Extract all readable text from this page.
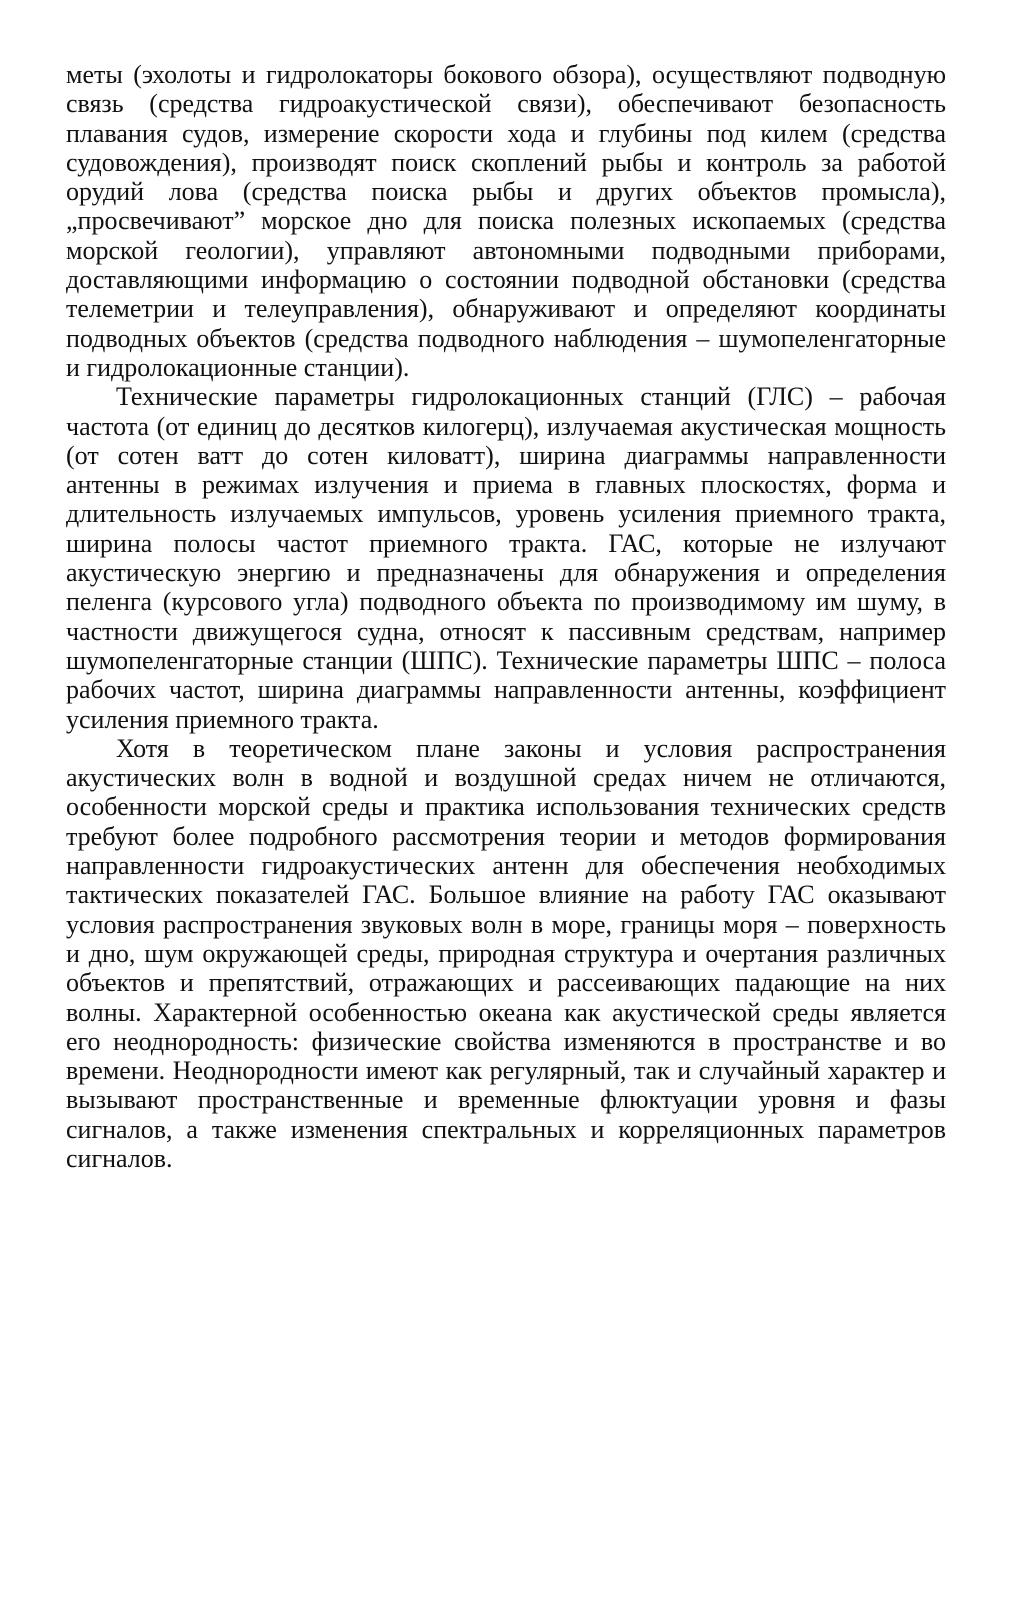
меты (эхолоты и гидролокаторы бокового обзора), осуществляют подводную связь (средства гидроакустической связи), обеспечивают безопасность плавания судов, измерение скорости хода и глубины под килем (средства судовождения), производят поиск скоплений рыбы и контроль за работой орудий лова (средства поиска рыбы и других объектов промысла), „просвечивают” морское дно для поиска полезных ископаемых (средства морской геологии), управляют автономными подводными приборами, доставляющими информацию о состоянии подводной обстановки (средства телеметрии и телеуправления), обнаруживают и определяют координаты подводных объектов (средства подводного наблюдения – шумопеленгаторные и гидролокационные станции).

Технические параметры гидролокационных станций (ГЛС) – рабочая частота (от единиц до десятков килогерц), излучаемая акустическая мощность (от сотен ватт до сотен киловатт), ширина диаграммы направленности антенны в режимах излучения и приема в главных плоскостях, форма и длительность излучаемых импульсов, уровень усиления приемного тракта, ширина полосы частот приемного тракта. ГАС, которые не излучают акустическую энергию и предназначены для обнаружения и определения пеленга (курсового угла) подводного объекта по производимому им шуму, в частности движущегося судна, относят к пассивным средствам, например шумопеленгаторные станции (ШПС). Технические параметры ШПС – полоса рабочих частот, ширина диаграммы направленности антенны, коэффициент усиления приемного тракта.

Хотя в теоретическом плане законы и условия распространения акустических волн в водной и воздушной средах ничем не отличаются, особенности морской среды и практика использования технических средств требуют более подробного рассмотрения теории и методов формирования направленности гидроакустических антенн для обеспечения необходимых тактических показателей ГАС. Большое влияние на работу ГАС оказывают условия распространения звуковых волн в море, границы моря – поверхность и дно, шум окружающей среды, природная структура и очертания различных объектов и препятствий, отражающих и рассеивающих падающие на них волны. Характерной особенностью океана как акустической среды является его неоднородность: физические свойства изменяются в пространстве и во времени. Неоднородности имеют как регулярный, так и случайный характер и вызывают пространственные и временные флюктуации уровня и фазы сигналов, а также изменения спектральных и корреляционных параметров сигналов.
